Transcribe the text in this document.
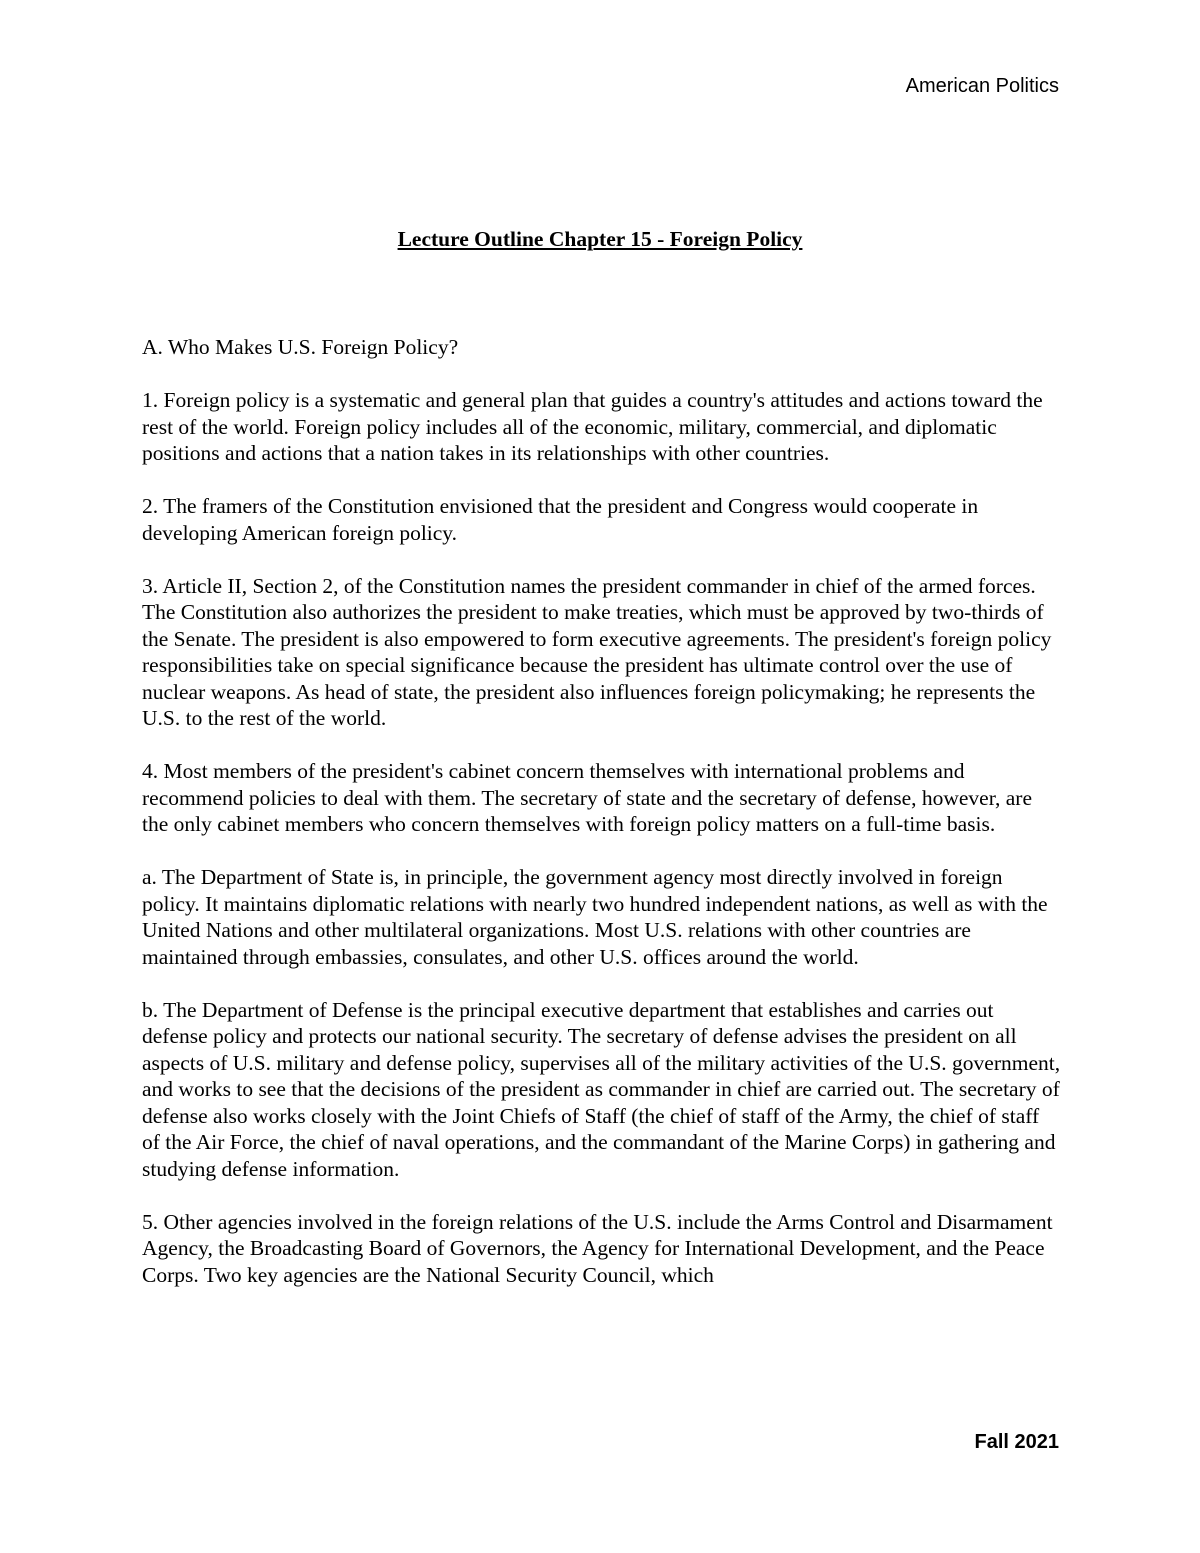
American Politics
Lecture Outline Chapter 15 - Foreign Policy

A. Who Makes U.S. Foreign Policy?

1. Foreign policy is a systematic and general plan that guides a country's attitudes and actions toward the rest of the world. Foreign policy includes all of the economic, military, commercial, and diplomatic positions and actions that a nation takes in its relationships with other countries.

2. The framers of the Constitution envisioned that the president and Congress would cooperate in developing American foreign policy.

3. Article II, Section 2, of the Constitution names the president commander in chief of the armed forces. The Constitution also authorizes the president to make treaties, which must be approved by two-thirds of the Senate. The president is also empowered to form executive agreements. The president's foreign policy responsibilities take on special significance because the president has ultimate control over the use of nuclear weapons. As head of state, the president also influences foreign policymaking; he represents the U.S. to the rest of the world.

4. Most members of the president's cabinet concern themselves with international problems and recommend policies to deal with them. The secretary of state and the secretary of defense, however, are the only cabinet members who concern themselves with foreign policy matters on a full-time basis.

a. The Department of State is, in principle, the government agency most directly involved in foreign policy. It maintains diplomatic relations with nearly two hundred independent nations, as well as with the United Nations and other multilateral organizations. Most U.S. relations with other countries are maintained through embassies, consulates, and other U.S. offices around the world.

b. The Department of Defense is the principal executive department that establishes and carries out defense policy and protects our national security. The secretary of defense advises the president on all aspects of U.S. military and defense policy, supervises all of the military activities of the U.S. government, and works to see that the decisions of the president as commander in chief are carried out. The secretary of defense also works closely with the Joint Chiefs of Staff (the chief of staff of the Army, the chief of staff of the Air Force, the chief of naval operations, and the commandant of the Marine Corps) in gathering and studying defense information.

5. Other agencies involved in the foreign relations of the U.S. include the Arms Control and Disarmament Agency, the Broadcasting Board of Governors, the Agency for International Development, and the Peace Corps. Two key agencies are the National Security Council, which

Fall 2021
